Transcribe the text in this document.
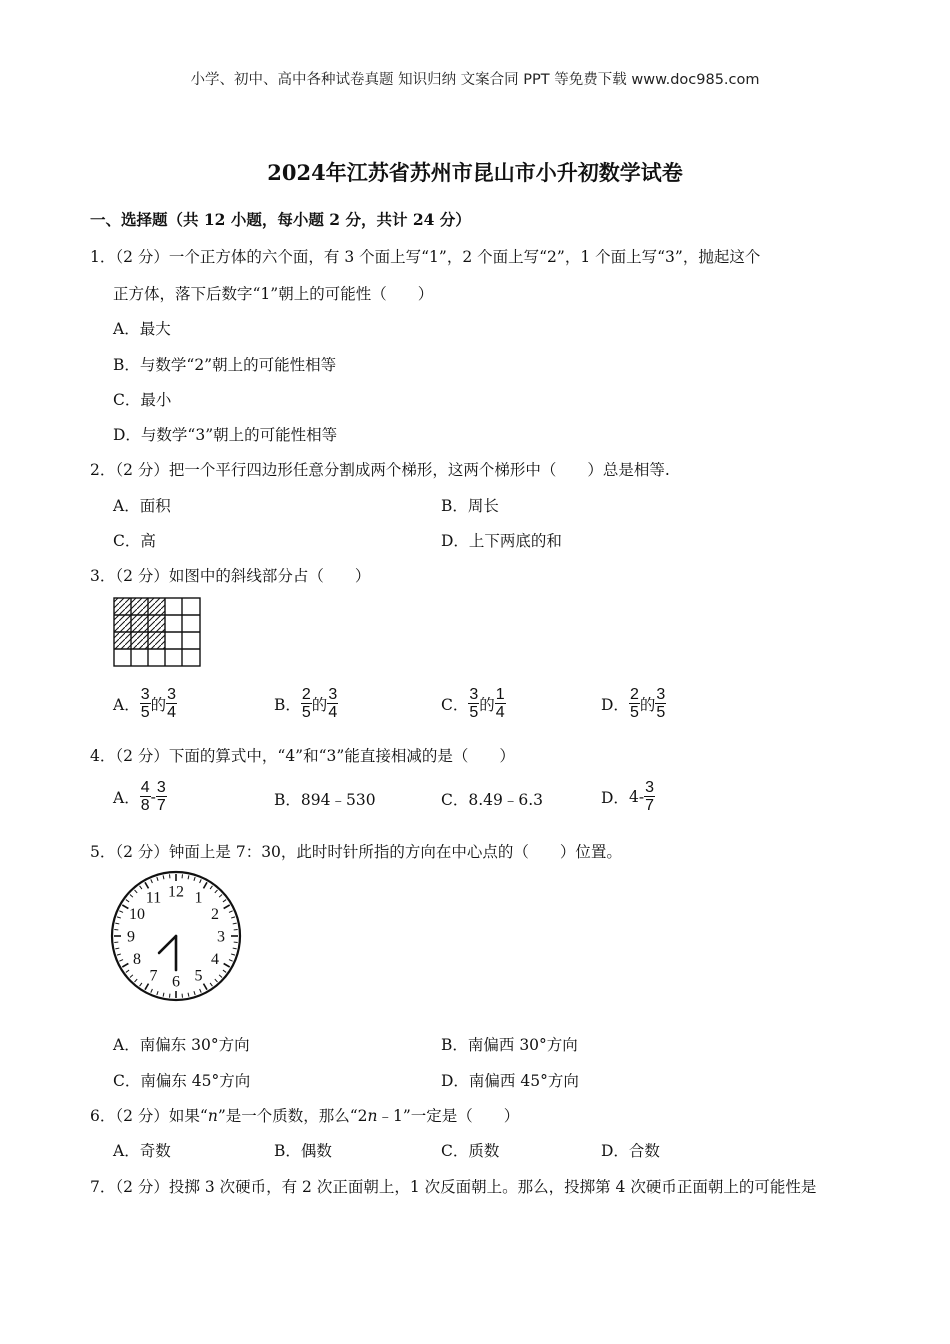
小学、初中、高中各种试卷真题 知识归纳 文案合同 PPT 等免费下载 www.doc985.com
2024年江苏省苏州市昆山市小升初数学试卷
一、选择题（共 12 小题，每小题 2 分，共计 24 分）
1．（2 分）一个正方体的六个面，有 3 个面上写“1”，2 个面上写“2”，1 个面上写“3”，抛起这个
正方体，落下后数字“1”朝上的可能性（　　）
A．最大
B．与数学“2”朝上的可能性相等
C．最小
D．与数学“3”朝上的可能性相等
2．（2 分）把一个平行四边形任意分割成两个梯形，这两个梯形中（　　）总是相等.
A．面积	B．周长
C．高	D．上下两底的和
3．（2 分）如图中的斜线部分占（　　）
A． $\frac{3}{5}$ 的 $\frac{3}{4}$	B． $\frac{2}{5}$ 的 $\frac{3}{4}$	C． $\frac{3}{5}$ 的 $\frac{1}{4}$	D． $\frac{2}{5}$ 的 $\frac{3}{5}$
4．（2 分）下面的算式中，“4”和“3”能直接相减的是（　　）
A． $\frac{4}{8} - \frac{3}{7}$	B．894﹣530	C．8.49﹣6.3	D．$4- \frac{3}{7}$
5．（2 分）钟面上是 7：30，此时时针所指的方向在中心点的（　　）位置。
12 1
2
3
4
5
6
7
8
9
10
11
A．南偏东 30°方向	B．南偏西 30°方向
C．南偏东 45°方向	D．南偏西 45°方向
6．（2 分）如果“n”是一个质数，那么“2n﹣1”一定是（　　）
A．奇数	B．偶数	C．质数	D．合数
7．（2 分）投掷 3 次硬币，有 2 次正面朝上，1 次反面朝上。那么，投掷第 4 次硬币正面朝上的可能性是
